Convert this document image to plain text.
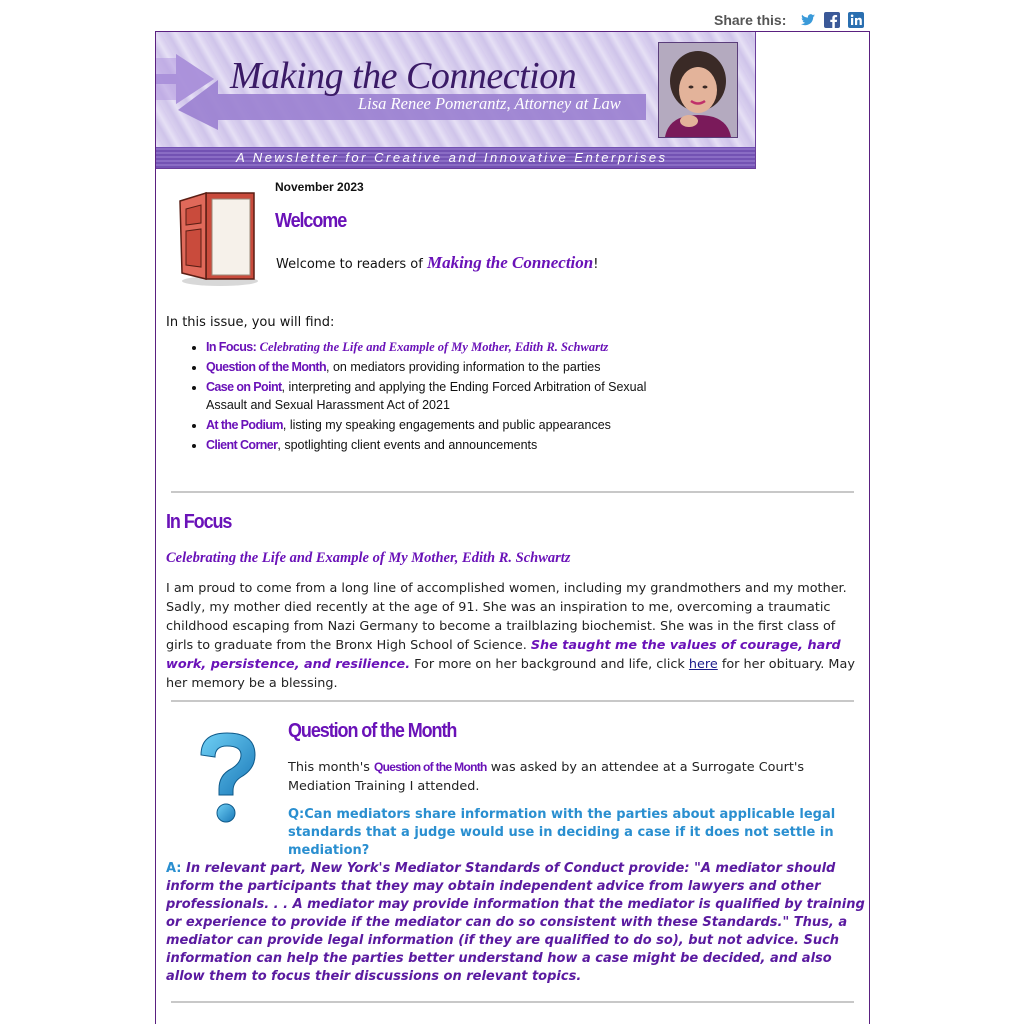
Share this:
Making the Connection
Lisa Renee Pomerantz, Attorney at Law
A Newsletter for Creative and Innovative Enterprises
November 2023
Welcome
Welcome to readers of Making the Connection!
In this issue, you will find:
• In Focus: Celebrating the Life and Example of My Mother, Edith R. Schwartz
• Question of the Month, on mediators providing information to the parties
• Case on Point, interpreting and applying the Ending Forced Arbitration of Sexual Assault and Sexual Harassment Act of 2021
• At the Podium, listing my speaking engagements and public appearances
• Client Corner, spotlighting client events and announcements
In Focus
Celebrating the Life and Example of My Mother, Edith R. Schwartz
I am proud to come from a long line of accomplished women, including my grandmothers and my mother. Sadly, my mother died recently at the age of 91. She was an inspiration to me, overcoming a traumatic childhood escaping from Nazi Germany to become a trailblazing biochemist. She was in the first class of girls to graduate from the Bronx High School of Science. She taught me the values of courage, hard work, persistence, and resilience. For more on her background and life, click here for her obituary. May her memory be a blessing.
Question of the Month
This month's Question of the Month was asked by an attendee at a Surrogate Court's Mediation Training I attended.
Q:Can mediators share information with the parties about applicable legal standards that a judge would use in deciding a case if it does not settle in mediation?
A: In relevant part, New York's Mediator Standards of Conduct provide: "A mediator should inform the participants that they may obtain independent advice from lawyers and other professionals. . . A mediator may provide information that the mediator is qualified by training or experience to provide if the mediator can do so consistent with these Standards." Thus, a mediator can provide legal information (if they are qualified to do so), but not advice. Such information can help the parties better understand how a case might be decided, and also allow them to focus their discussions on relevant topics.
